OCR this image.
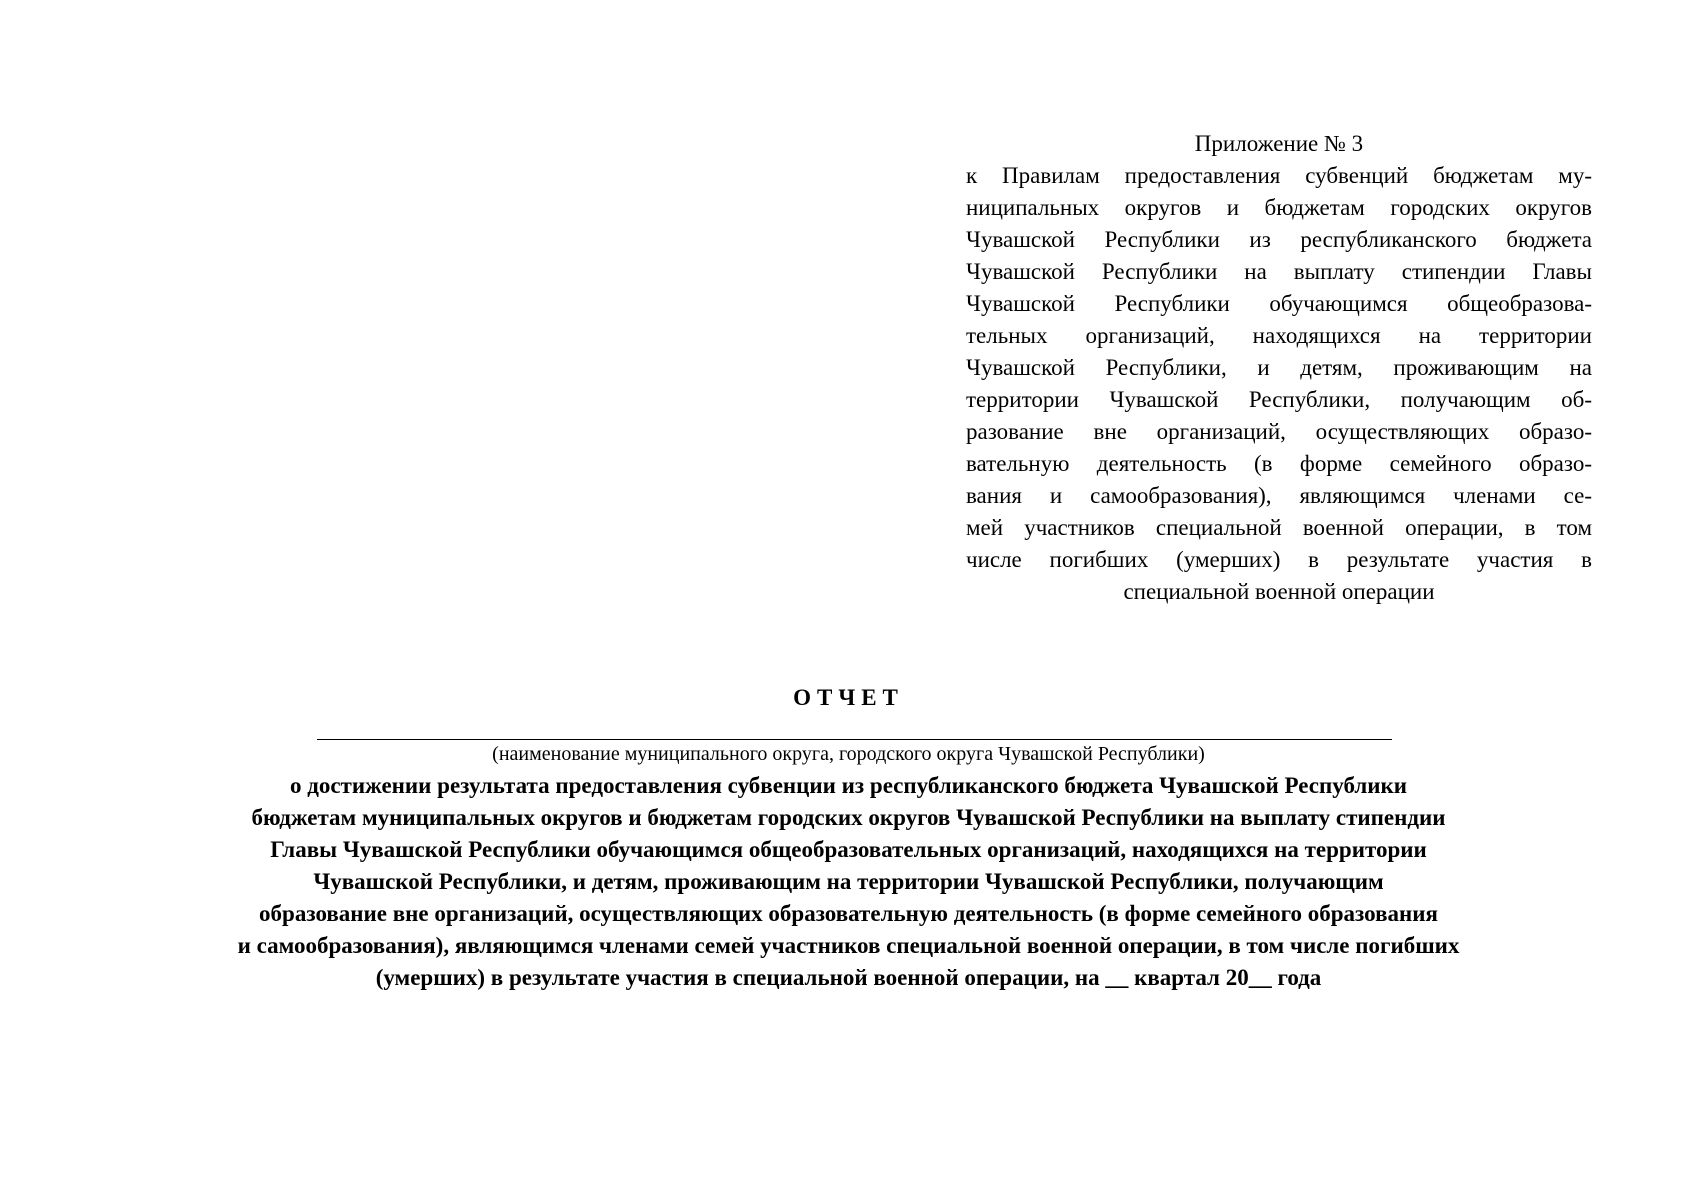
Приложение № 3

к Правилам предоставления субвенций бюджетам му-
ниципальных округов и бюджетам городских округов
Чувашской Республики из республиканского бюджета
Чувашской Республики на выплату стипендии Главы
Чувашской Республики обучающимся общеобразова-
тельных организаций, находящихся на территории
Чувашской Республики, и детям, проживающим на
территории Чувашской Республики, получающим об-
разование вне организаций, осуществляющих образо-
вательную деятельность (в форме семейного образо-
вания и самообразования), являющимся членами се-
мей участников специальной военной операции, в том
числе погибших (умерших) в результате участия в
специальной военной операции

ОТЧЕТ

(наименование муниципального округа, городского округа Чувашской Республики)

о достижении результата предоставления субвенции из республиканского бюджета Чувашской Республики
бюджетам муниципальных округов и бюджетам городских округов Чувашской Республики на выплату стипендии
Главы Чувашской Республики обучающимся общеобразовательных организаций, находящихся на территории
Чувашской Республики, и детям, проживающим на территории Чувашской Республики, получающим
образование вне организаций, осуществляющих образовательную деятельность (в форме семейного образования
и самообразования), являющимся членами семей участников специальной военной операции, в том числе погибших
(умерших) в результате участия в специальной военной операции, на __ квартал 20__ года
